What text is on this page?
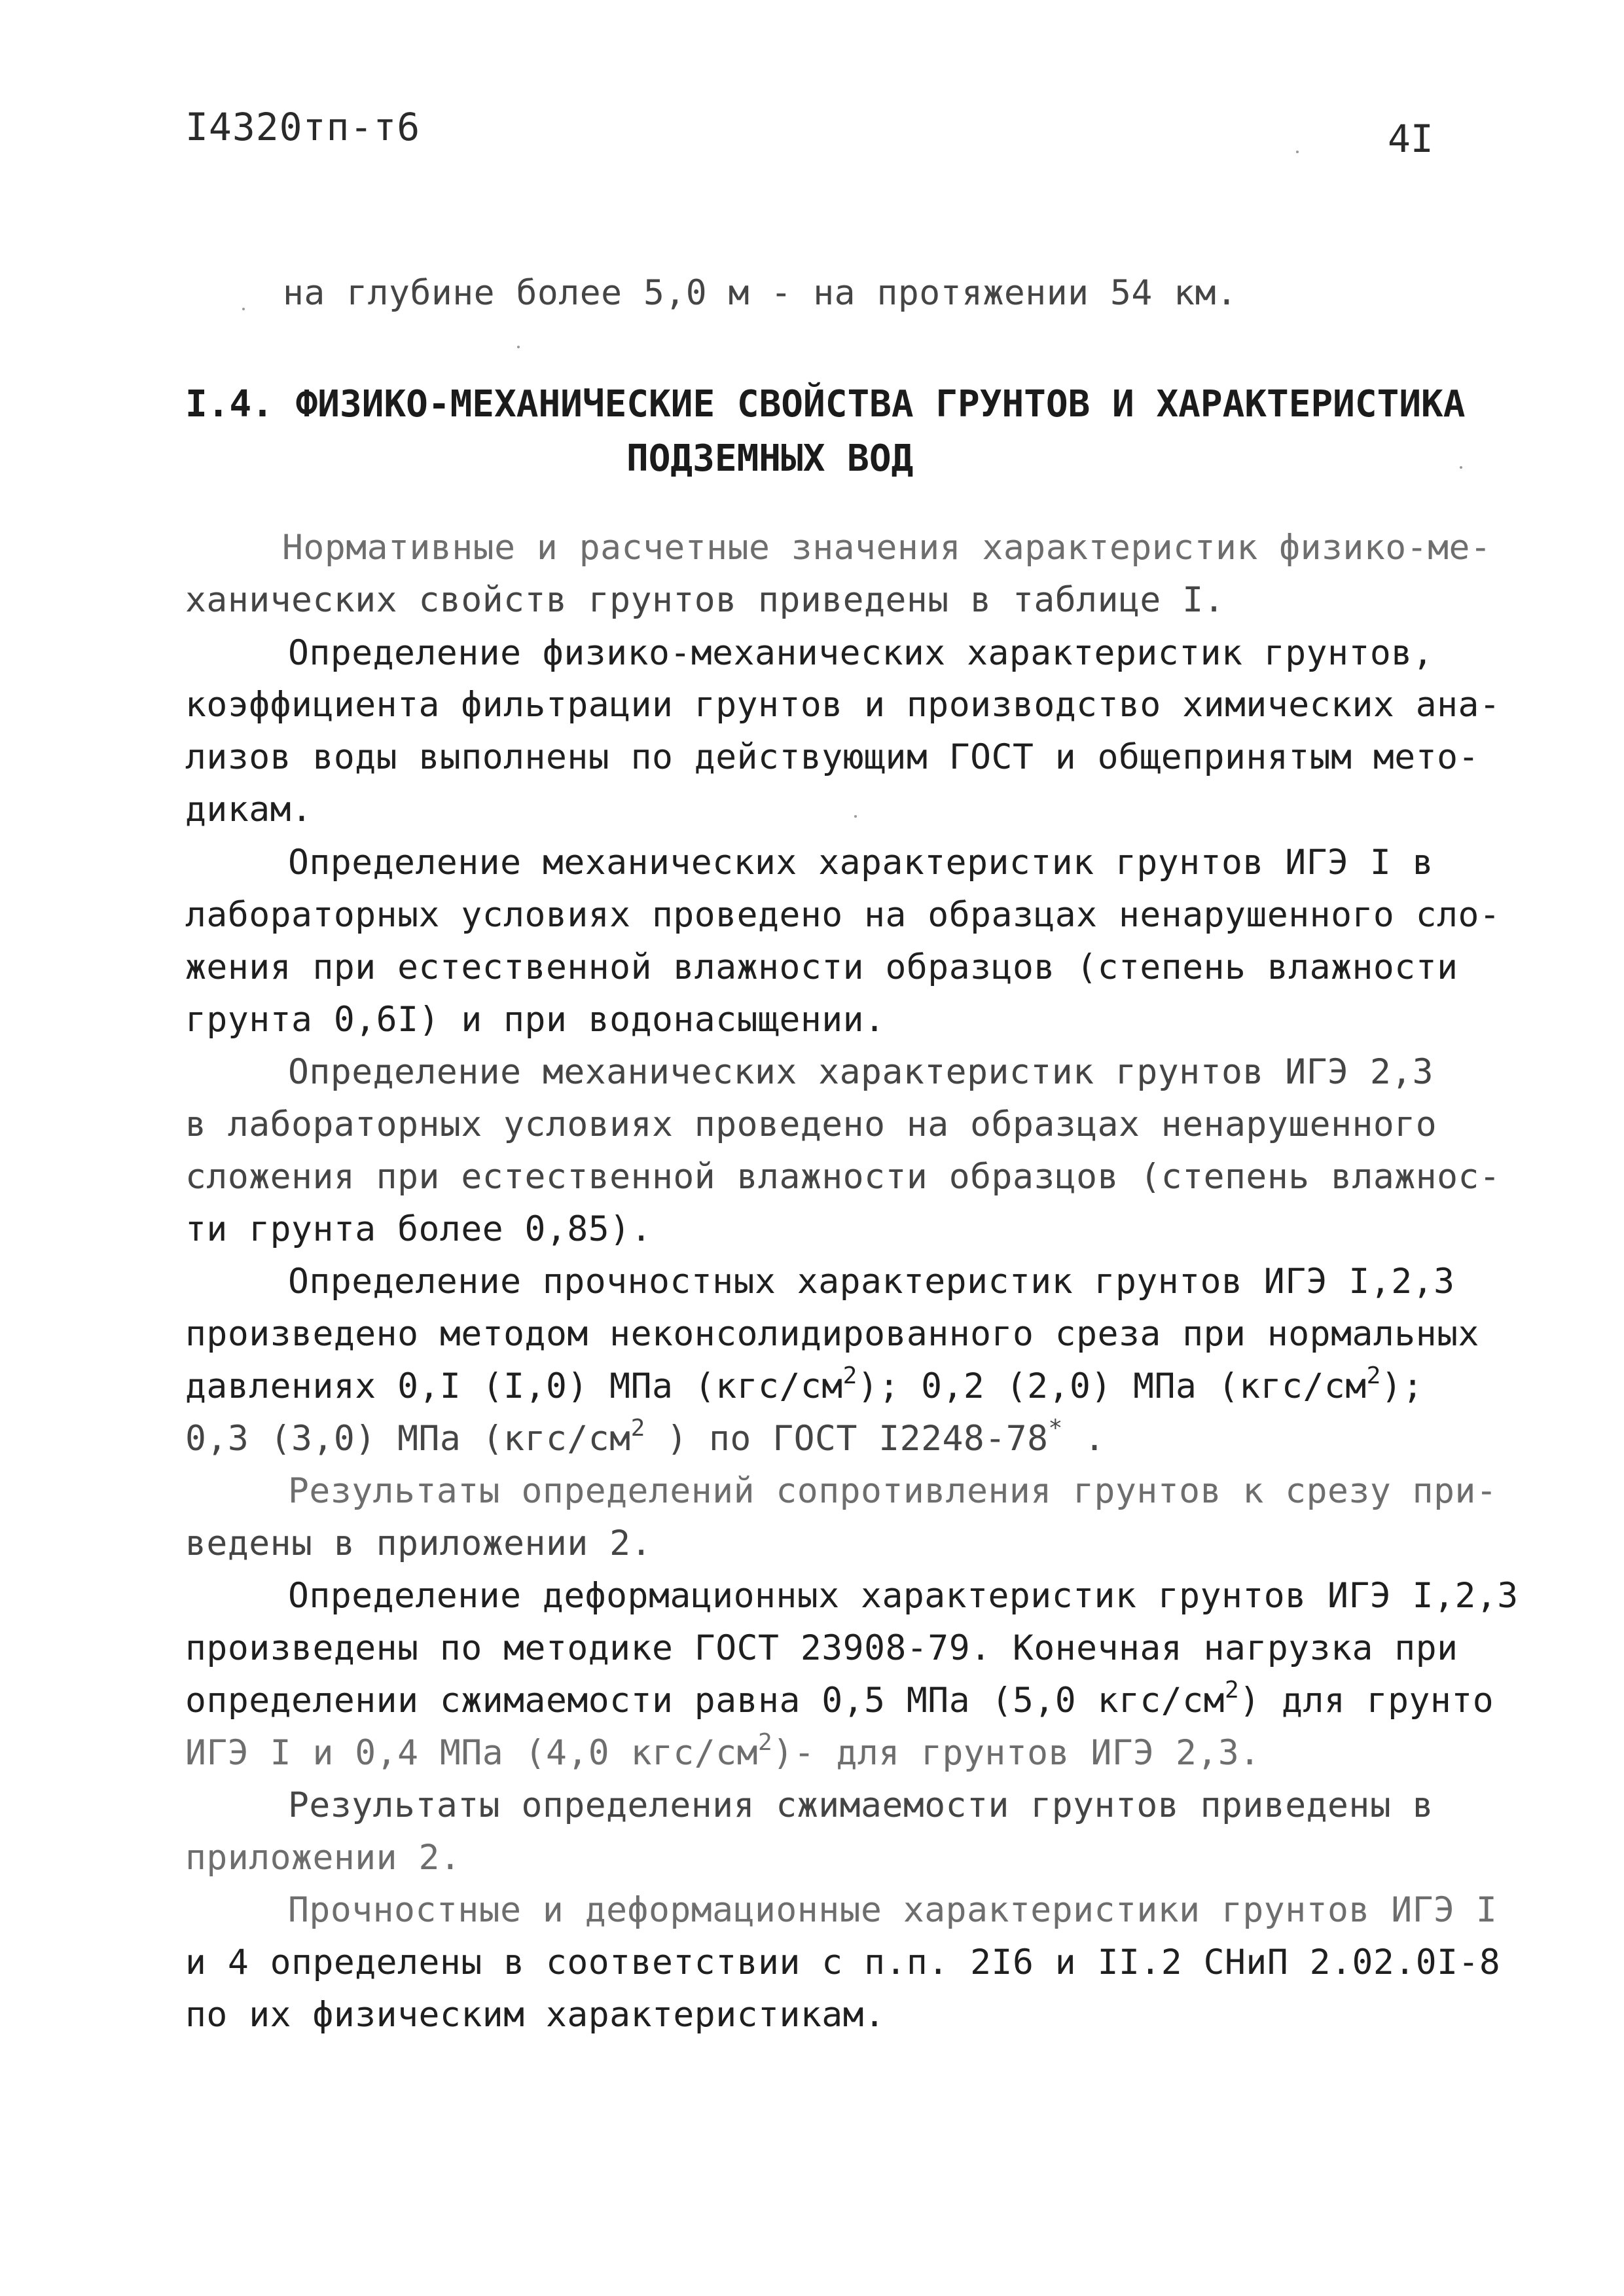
I4320тп-т6	4I
на глубине более 5,0 м - на протяжении 54 км.
I.4. ФИЗИКО-МЕХАНИЧЕСКИЕ СВОЙСТВА ГРУНТОВ И ХАРАКТЕРИСТИКА
ПОДЗЕМНЫХ ВОД
Нормативные и расчетные значения характеристик физико-ме-
ханических свойств грунтов приведены в таблице I.
Определение физико-механических характеристик грунтов,
коэффициента фильтрации грунтов и производство химических ана-
лизов воды выполнены по действующим ГОСТ и общепринятым мето-
дикам.
Определение механических характеристик грунтов ИГЭ I в
лабораторных условиях проведено на образцах ненарушенного сло-
жения при естественной влажности образцов (степень влажности
грунта 0,6I) и при водонасыщении.
Определение механических характеристик грунтов ИГЭ 2,3
в лабораторных условиях проведено на образцах ненарушенного
сложения при естественной влажности образцов (степень влажнос-
ти грунта более 0,85).
Определение прочностных характеристик грунтов ИГЭ I,2,3
произведено методом неконсолидированного среза при нормальных
давлениях 0,I (I,0) МПа $(кгс/см^2)$; 0,2 (2,0) МПа $(кгс/см^2)$;
0,3 (3,0) МПа ($кгс/см^2$ ) по ГОСТ I2248-78* .
Результаты определений сопротивления грунтов к срезу при-
ведены в приложении 2.
Определение деформационных характеристик грунтов ИГЭ I,2,3
произведены по методике ГОСТ 23908-79. Конечная нагрузка при
определении сжимаемости равна 0,5 МПа (5,0 кгс/$см^2$) для грунто
ИГЭ I и 0,4 МПа (4,0 кгс/$см^2)-$ для грунтов ИГЭ 2,3.
Результаты определения сжимаемости грунтов приведены в
приложении 2.
Прочностные и деформационные характеристики грунтов ИГЭ I
и 4 определены в соответствии с п.п. 2I6 и II.2 СНиП 2.02.0I-8
по их физическим характеристикам.
